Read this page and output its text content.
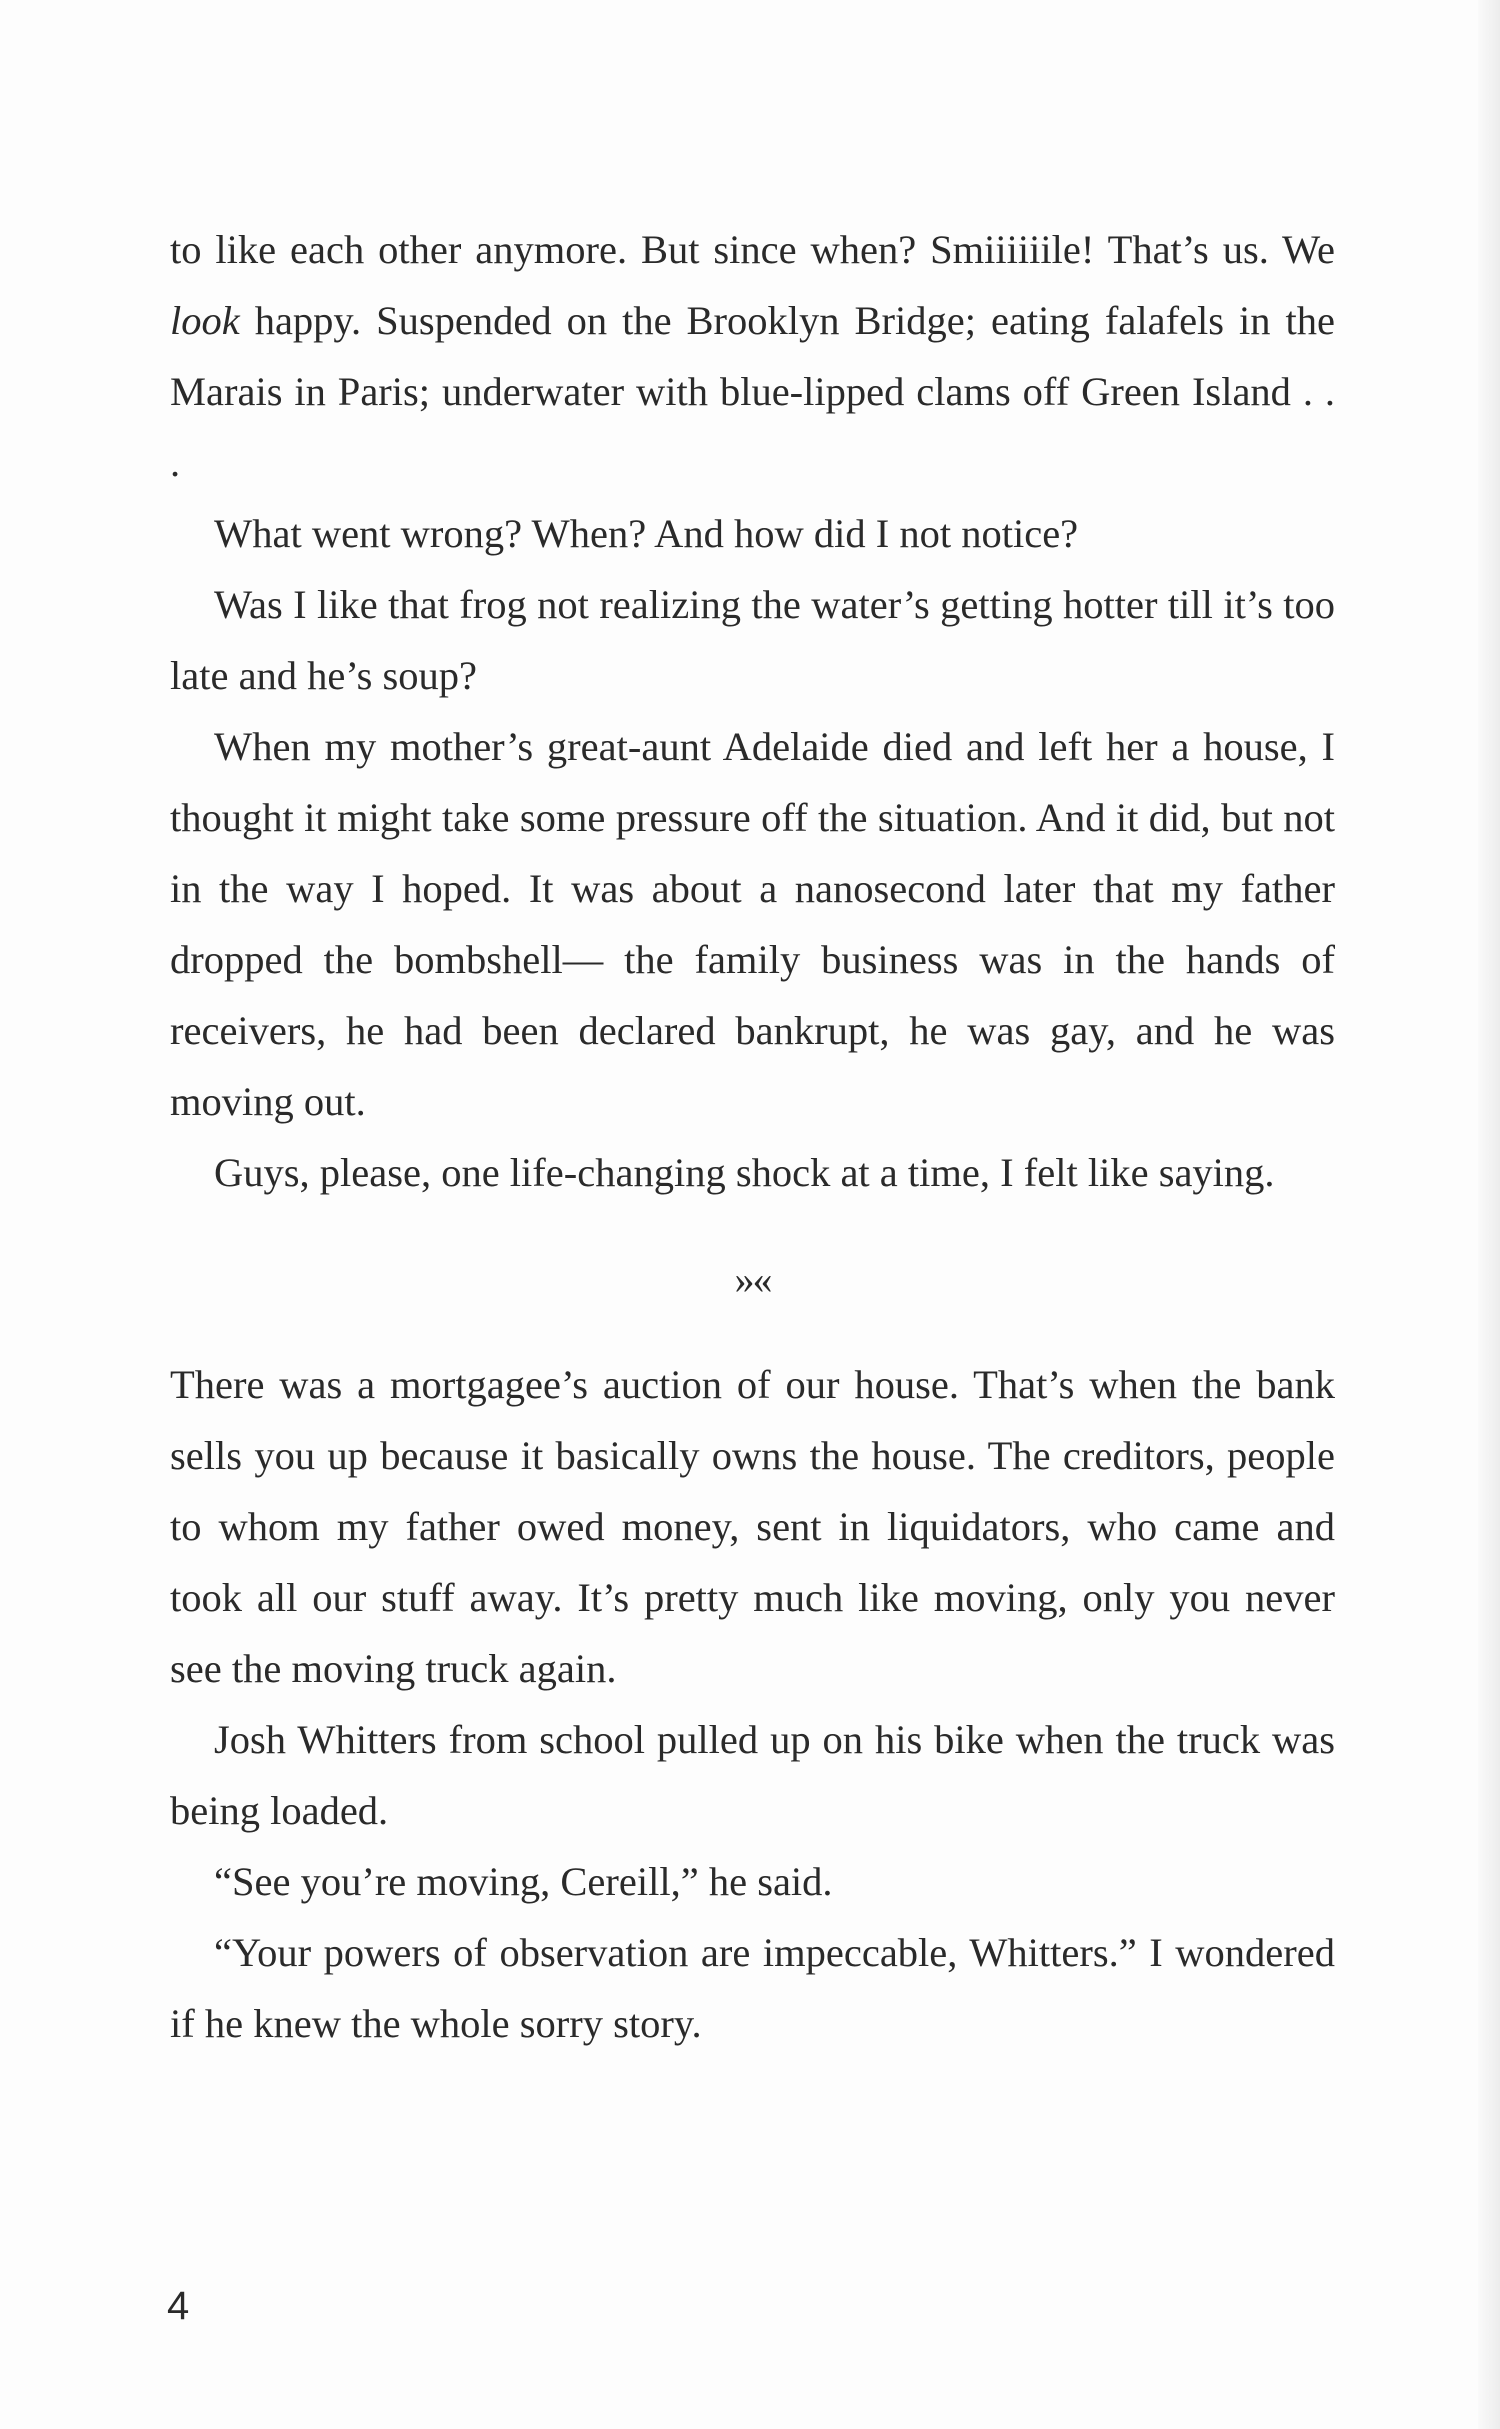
to like each other anymore. But since when? Smiiiiiile! That’s us. We look happy. Suspended on the Brooklyn Bridge; eating falafels in the Marais in Paris; underwater with blue-lipped clams off Green Island . . .

What went wrong? When? And how did I not notice?

Was I like that frog not realizing the water’s getting hotter till it’s too late and he’s soup?

When my mother’s great-aunt Adelaide died and left her a house, I thought it might take some pressure off the situation. And it did, but not in the way I hoped. It was about a nanosecond later that my father dropped the bombshell— the family business was in the hands of receivers, he had been declared bankrupt, he was gay, and he was moving out.

Guys, please, one life-changing shock at a time, I felt like saying.

»«

There was a mortgagee’s auction of our house. That’s when the bank sells you up because it basically owns the house. The creditors, people to whom my father owed money, sent in liquidators, who came and took all our stuff away. It’s pretty much like moving, only you never see the moving truck again.

Josh Whitters from school pulled up on his bike when the truck was being loaded.

“See you’re moving, Cereill,” he said.

“Your powers of observation are impeccable, Whitters.” I wondered if he knew the whole sorry story.

4
